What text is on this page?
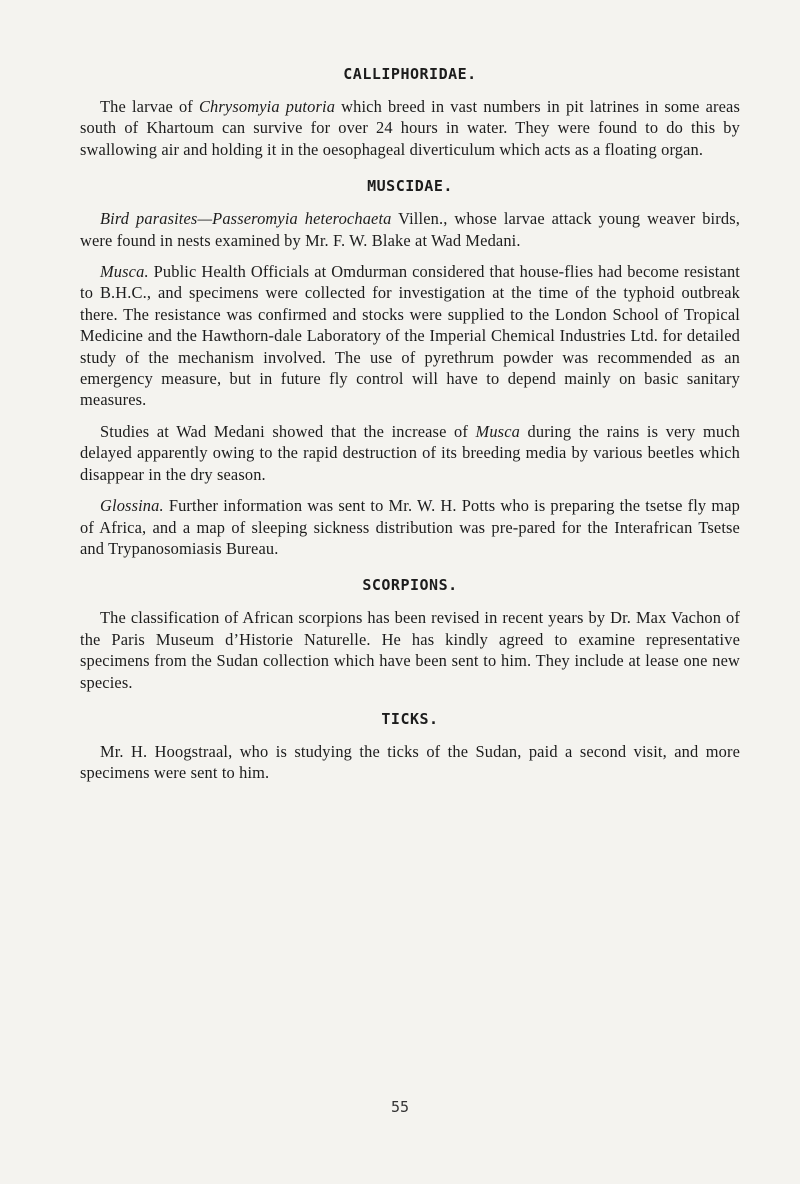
CALLIPHORIDAE.

The larvae of Chrysomyia putoria which breed in vast numbers in pit latrines in some areas south of Khartoum can survive for over 24 hours in water. They were found to do this by swallowing air and holding it in the oesophageal diverticulum which acts as a floating organ.

MUSCIDAE.

Bird parasites—Passeromyia heterochaeta Villen., whose larvae attack young weaver birds, were found in nests examined by Mr. F. W. Blake at Wad Medani.

Musca. Public Health Officials at Omdurman considered that house-flies had become resistant to B.H.C., and specimens were collected for investigation at the time of the typhoid outbreak there. The resistance was confirmed and stocks were supplied to the London School of Tropical Medicine and the Hawthorn-dale Laboratory of the Imperial Chemical Industries Ltd. for detailed study of the mechanism involved. The use of pyrethrum powder was recommended as an emergency measure, but in future fly control will have to depend mainly on basic sanitary measures.

Studies at Wad Medani showed that the increase of Musca during the rains is very much delayed apparently owing to the rapid destruction of its breeding media by various beetles which disappear in the dry season.

Glossina. Further information was sent to Mr. W. H. Potts who is preparing the tsetse fly map of Africa, and a map of sleeping sickness distribution was pre-pared for the Interafrican Tsetse and Trypanosomiasis Bureau.

SCORPIONS.

The classification of African scorpions has been revised in recent years by Dr. Max Vachon of the Paris Museum d’Historie Naturelle. He has kindly agreed to examine representative specimens from the Sudan collection which have been sent to him. They include at lease one new species.

TICKS.

Mr. H. Hoogstraal, who is studying the ticks of the Sudan, paid a second visit, and more specimens were sent to him.

55
